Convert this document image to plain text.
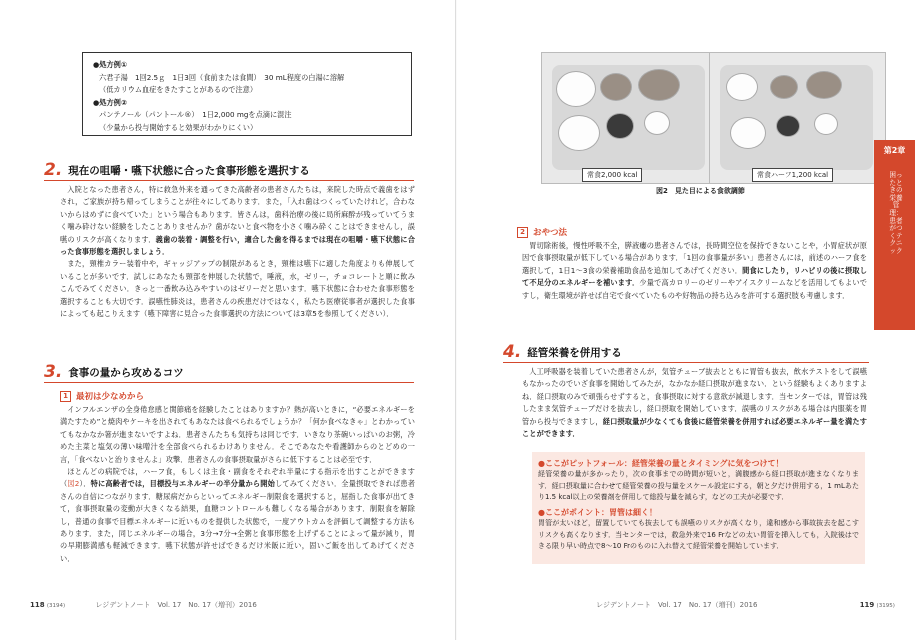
●処方例①
六君子湯　1回2.5ｇ　1日3回（食前または食間）　30 mL程度の白湯に溶解
（低カリウム血症をきたすことがあるので注意）
●処方例②
パンテノール（パントール®）　1日2,000 mgを点滴に混注
（少量から投与開始すると効果がわかりにくい）
2. 現在の咀嚼・嚥下状態に合った食事形態を選択する

入院となった患者さん，特に救急外来を通ってきた高齢者の患者さんたちは，来院した時点で義歯をはずされ，ご家族が持ち帰ってしまうことが往々にしてあります．また，「入れ歯はつくっていたけれど，合わないからはめずに食べていた」という場合もあります．皆さんは，歯科治療の後に局所麻酔が残っていてうまく噛み砕けない経験をしたことありませんか？歯がないと食べ物を小さく噛み砕くことはできませんし，誤嚥のリスクが高くなります．義歯の装着・調整を行い，適合した歯を得るまでは現在の咀嚼・嚥下状態に合った食事形態を選択しましょう．

また，頸椎カラー装着中や，ギャッジアップの制限があるとき，頸椎は嚥下に適した角度よりも伸展していることが多いです．試しにあなたも頸部を伸展した状態で，唾液，水，ゼリー，チョコレートと順に飲みこんでみてください．きっと一番飲み込みやすいのはゼリーだと思います．嚥下状態に合わせた食事形態を選択することも大切です．誤嚥性肺炎は，患者さんの疾患だけではなく，私たち医療従事者が選択した食事によっても起こりえます（嚥下障害に見合った食事選択の方法については3章5を参照してください）．

3. 食事の量から攻めるコツ
1 最初は少なめから

インフルエンザの全身倦怠感と関節痛を経験したことはありますか？熱が高いときに，“必要エネルギーを満たすため”と焼肉やケーキを出されてもあなたは食べられるでしょうか？「何か食べなきゃ」とわかっていてもなかなか箸が進まないですよね．患者さんたちも気持ちは同じです．いきなり茶碗いっぱいのお粥，冷めた主菜と塩気の薄い味噌汁を全部食べられるわけありません．そこであなたや看護師からのとどめの一言，「食べないと治りませんよ」攻撃．患者さんの食事摂取量がさらに低下することは必至です．

ほとんどの病院では，ハーフ食，もしくは主食・副食をそれぞれ半量にする指示を出すことができます（図2）．特に高齢者では，目標投与エネルギーの半分量から開始してみてください．全量摂取できれば患者さんの自信につながります．糖尿病だからといってエネルギー制限食を選択すると，屈指した食事が出てきて，食事摂取量の変動が大きくなる結果，血糖コントロールも難しくなる場合があります．制限食を解除し，普通の食事で目標エネルギーに近いものを提供した状態で，一度アウトカムを評価して調整する方法もあります．また，同じエネルギーの場合，3分→7分→全粥と食事形態を上げずることによって量が減り，胃の早期膨満感も軽減できます．嚥下状態が許せばできるだけ米飯に近い，固いご飯を出してあげてください．

118 (3194)	レジデントノート　Vol. 17　No. 17（増刊）2016
常食2,000 kcal	常食ハーフ1,200 kcal
図2　見た目による食欲調節
第2章
困ったときの栄養管理：患者がつくテクニック
2 おやつ法

胃切除術後，慢性呼吸不全，膵液瘻の患者さんでは，長時間空位を保持できないことや，小胃症状が原因で食事摂取量が低下している場合があります．「1回の食事量が多い」患者さんには，前述のハーフ食を選択して，1日1～3食の栄養補助食品を追加してあげてください．間食にしたり，リハビリの後に摂取して不足分のエネルギーを補います．少量で高カロリーのゼリーやアイスクリームなどを活用してもよいですし，衛生環境が許せば自宅で食べていたものや好物品の持ち込みを許可する選択肢も考慮します．

4. 経管栄養を併用する

人工呼吸器を装着していた患者さんが，気管チューブ抜去とともに胃管も抜去，飲水テストをして誤嚥もなかったのでいざ食事を開始してみたが，なかなか経口摂取が進まない．という経験もよくありますよね．経口摂取のみで頑張らせずすると，食事摂取に対する意欲が減退します．当センターでは，胃管は残したまま気管チューブだけを抜去し，経口摂取を開始しています．誤嚥のリスクがある場合は内服薬を胃管から投与できますし，経口摂取量が少なくても食後に経管栄養を併用すれば必要エネルギー量を満たすことができます．

●ここがピットフォール：経管栄養の量とタイミングに気をつけて！

経管栄養の量が多かったり，次の食事までの時間が短いと，満腹感から経口摂取が進まなくなります．経口摂取量に合わせて経管栄養の投与量をスケール設定にする，朝と夕だけ併用する，1 mLあたり1.5 kcal以上の栄養剤を併用して総投与量を減らす，などの工夫が必要です．

●ここがポイント：胃管は細く！

胃管が太いほど，留置していても抜去しても誤嚥のリスクが高くなり，違和感から事故抜去を起こすリスクも高くなります．当センターでは，救急外来で16 Frなどの太い胃管を挿入しても，入院後はできる限り早い時点で8～10 Frのものに入れ替えて経管栄養を開始しています．

レジデントノート　Vol. 17　No. 17（増刊）2016	119 (3195)
